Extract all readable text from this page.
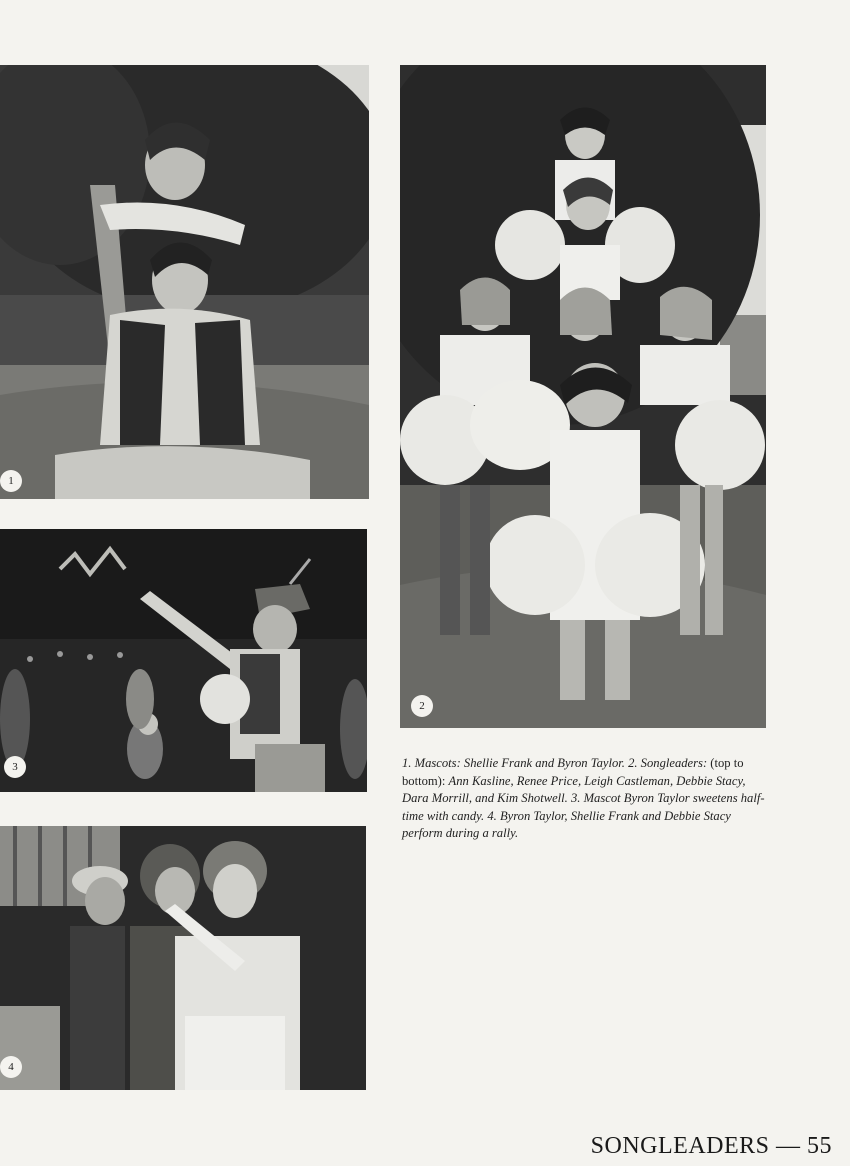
1
2
3
4
1. Mascots: Shellie Frank and Byron Taylor. 2. Songleaders: (top to bottom): Ann Kasline, Renee Price, Leigh Castleman, Debbie Stacy, Dara Morrill, and Kim Shotwell. 3. Mascot Byron Taylor sweetens half-time with candy. 4. Byron Taylor, Shellie Frank and Debbie Stacy perform during a rally.
SONGLEADERS — 55
